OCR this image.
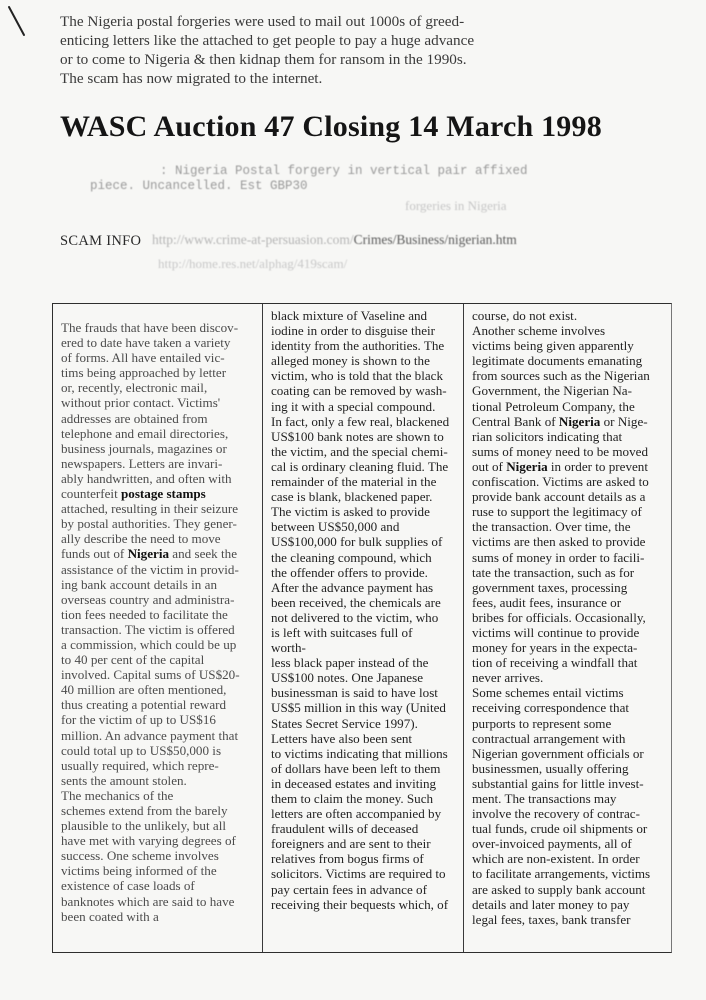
The Nigeria postal forgeries were used to mail out 1000s of greed-enticing letters like the attached to get people to pay a huge advance or to come to Nigeria & then kidnap them for ransom in the 1990s. The scam has now migrated to the internet.
WASC Auction 47 Closing 14 March 1998
: Nigeria Postal forgery in vertical pair affixed
piece. Uncancelled. Est GBP30
forgeries in Nigeria
SCAM INFO http://www.crime-at-persuasion.com/Crimes/Business/nigerian.htm
http://home.res.net/alphag/419scam/

The frauds that have been discov-
ered to date have taken a variety
of forms. All have entailed vic-
tims being approached by letter
or, recently, electronic mail,
without prior contact. Victims'
addresses are obtained from
telephone and email directories,
business journals, magazines or
newspapers. Letters are invari-
ably handwritten, and often with
counterfeit postage stamps
attached, resulting in their seizure
by postal authorities. They gener-
ally describe the need to move
funds out of Nigeria and seek the
assistance of the victim in provid-
ing bank account details in an
overseas country and administra-
tion fees needed to facilitate the
transaction. The victim is offered
a commission, which could be up
to 40 per cent of the capital
involved. Capital sums of US$20-
40 million are often mentioned,
thus creating a potential reward
for the victim of up to US$16
million. An advance payment that
could total up to US$50,000 is
usually required, which repre-
sents the amount stolen.
The mechanics of the
schemes extend from the barely
plausible to the unlikely, but all
have met with varying degrees of
success. One scheme involves
victims being informed of the
existence of case loads of
banknotes which are said to have
been coated with a

black mixture of Vaseline and
iodine in order to disguise their
identity from the authorities. The
alleged money is shown to the
victim, who is told that the black
coating can be removed by wash-
ing it with a special compound.
In fact, only a few real, blackened
US$100 bank notes are shown to
the victim, and the special chemi-
cal is ordinary cleaning fluid. The
remainder of the material in the
case is blank, blackened paper.
The victim is asked to provide
between US$50,000 and
US$100,000 for bulk supplies of
the cleaning compound, which
the offender offers to provide.
After the advance payment has
been received, the chemicals are
not delivered to the victim, who
is left with suitcases full of
worth-
less black paper instead of the
US$100 notes. One Japanese
businessman is said to have lost
US$5 million in this way (United
States Secret Service 1997).
Letters have also been sent
to victims indicating that millions
of dollars have been left to them
in deceased estates and inviting
them to claim the money. Such
letters are often accompanied by
fraudulent wills of deceased
foreigners and are sent to their
relatives from bogus firms of
solicitors. Victims are required to
pay certain fees in advance of
receiving their bequests which, of

course, do not exist.
Another scheme involves
victims being given apparently
legitimate documents emanating
from sources such as the Nigerian
Government, the Nigerian Na-
tional Petroleum Company, the
Central Bank of Nigeria or Nige-
rian solicitors indicating that
sums of money need to be moved
out of Nigeria in order to prevent
confiscation. Victims are asked to
provide bank account details as a
ruse to support the legitimacy of
the transaction. Over time, the
victims are then asked to provide
sums of money in order to facili-
tate the transaction, such as for
government taxes, processing
fees, audit fees, insurance or
bribes for officials. Occasionally,
victims will continue to provide
money for years in the expecta-
tion of receiving a windfall that
never arrives.
Some schemes entail victims
receiving correspondence that
purports to represent some
contractual arrangement with
Nigerian government officials or
businessmen, usually offering
substantial gains for little invest-
ment. The transactions may
involve the recovery of contrac-
tual funds, crude oil shipments or
over-invoiced payments, all of
which are non-existent. In order
to facilitate arrangements, victims
are asked to supply bank account
details and later money to pay
legal fees, taxes, bank transfer
